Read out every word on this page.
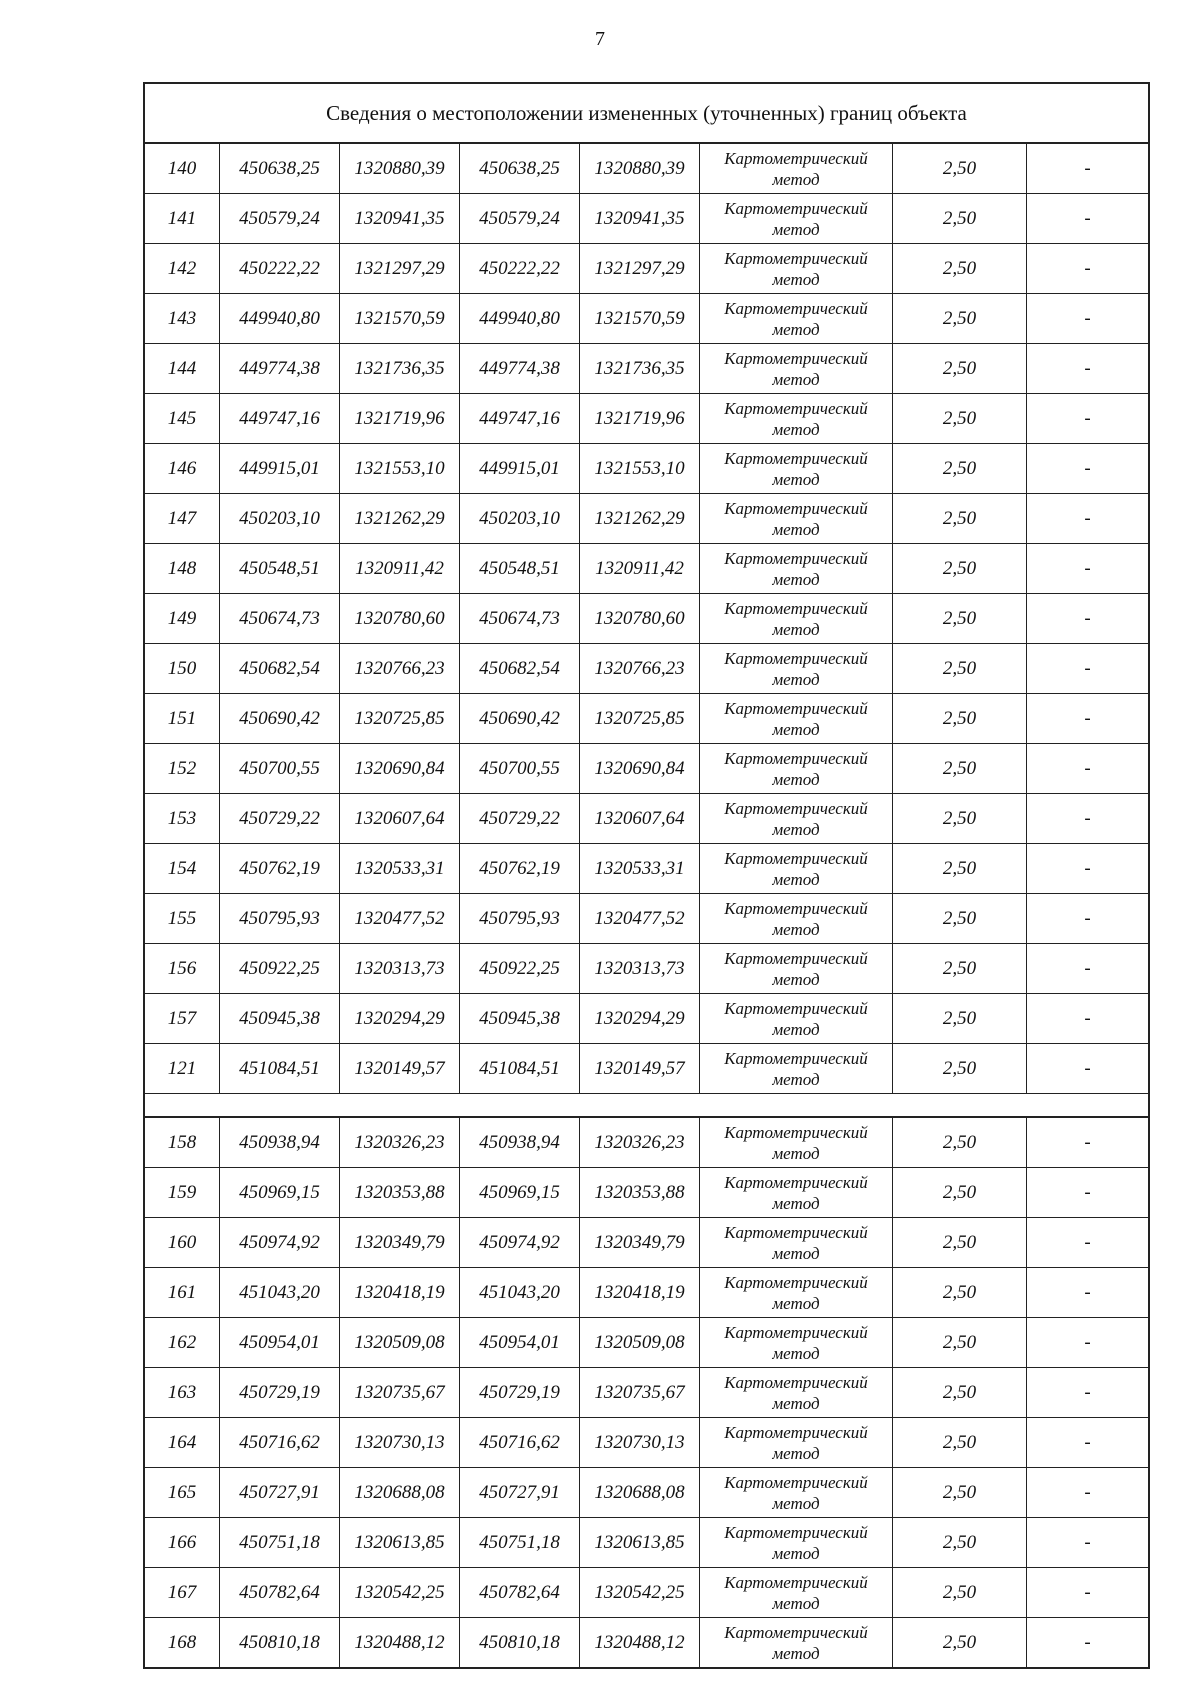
7
Сведения о местоположении измененных (уточненных) границ объекта							
140	450638,25	1320880,39	450638,25	1320880,39	Картометрический метод	2,50	-
141	450579,24	1320941,35	450579,24	1320941,35	Картометрический метод	2,50	-
142	450222,22	1321297,29	450222,22	1321297,29	Картометрический метод	2,50	-
143	449940,80	1321570,59	449940,80	1321570,59	Картометрический метод	2,50	-
144	449774,38	1321736,35	449774,38	1321736,35	Картометрический метод	2,50	-
145	449747,16	1321719,96	449747,16	1321719,96	Картометрический метод	2,50	-
146	449915,01	1321553,10	449915,01	1321553,10	Картометрический метод	2,50	-
147	450203,10	1321262,29	450203,10	1321262,29	Картометрический метод	2,50	-
148	450548,51	1320911,42	450548,51	1320911,42	Картометрический метод	2,50	-
149	450674,73	1320780,60	450674,73	1320780,60	Картометрический метод	2,50	-
150	450682,54	1320766,23	450682,54	1320766,23	Картометрический метод	2,50	-
151	450690,42	1320725,85	450690,42	1320725,85	Картометрический метод	2,50	-
152	450700,55	1320690,84	450700,55	1320690,84	Картометрический метод	2,50	-
153	450729,22	1320607,64	450729,22	1320607,64	Картометрический метод	2,50	-
154	450762,19	1320533,31	450762,19	1320533,31	Картометрический метод	2,50	-
155	450795,93	1320477,52	450795,93	1320477,52	Картометрический метод	2,50	-
156	450922,25	1320313,73	450922,25	1320313,73	Картометрический метод	2,50	-
157	450945,38	1320294,29	450945,38	1320294,29	Картометрический метод	2,50	-
121	451084,51	1320149,57	451084,51	1320149,57	Картометрический метод	2,50	-

158	450938,94	1320326,23	450938,94	1320326,23	Картометрический метод	2,50	-
159	450969,15	1320353,88	450969,15	1320353,88	Картометрический метод	2,50	-
160	450974,92	1320349,79	450974,92	1320349,79	Картометрический метод	2,50	-
161	451043,20	1320418,19	451043,20	1320418,19	Картометрический метод	2,50	-
162	450954,01	1320509,08	450954,01	1320509,08	Картометрический метод	2,50	-
163	450729,19	1320735,67	450729,19	1320735,67	Картометрический метод	2,50	-
164	450716,62	1320730,13	450716,62	1320730,13	Картометрический метод	2,50	-
165	450727,91	1320688,08	450727,91	1320688,08	Картометрический метод	2,50	-
166	450751,18	1320613,85	450751,18	1320613,85	Картометрический метод	2,50	-
167	450782,64	1320542,25	450782,64	1320542,25	Картометрический метод	2,50	-
168	450810,18	1320488,12	450810,18	1320488,12	Картометрический метод	2,50	-
